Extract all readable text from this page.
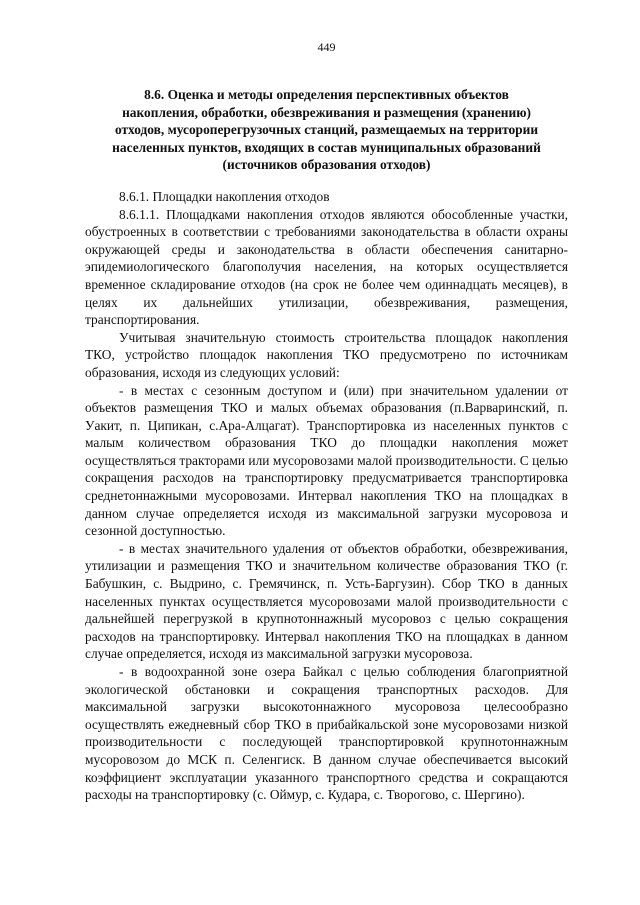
449
8.6. Оценка и методы определения перспективных объектов
накопления, обработки, обезвреживания и размещения (хранению)
отходов, мусороперегрузочных станций, размещаемых на территории
населенных пунктов, входящих в состав муниципальных образований
(источников образования отходов)
8.6.1. Площадки накопления отходов

8.6.1.1. Площадками накопления отходов являются обособленные участки, обустроенных в соответствии с требованиями законодательства в области охраны окружающей среды и законодательства в области обеспечения санитарно-эпидемиологического благополучия населения, на которых осуществляется временное складирование отходов (на срок не более чем одиннадцать месяцев), в целях их дальнейших утилизации, обезвреживания, размещения, транспортирования.

Учитывая значительную стоимость строительства площадок накопления ТКО, устройство площадок накопления ТКО предусмотрено по источникам образования, исходя из следующих условий:

- в местах с сезонным доступом и (или) при значительном удалении от объектов размещения ТКО и малых объемах образования (п.Варваринский, п. Уакит, п. Ципикан, с.Ара-Алцагат). Транспортировка из населенных пунктов с малым количеством образования ТКО до площадки накопления может осуществляться тракторами или мусоровозами малой производительности. С целью сокращения расходов на транспортировку предусматривается транспортировка среднетоннажными мусоровозами. Интервал накопления ТКО на площадках в данном случае определяется исходя из максимальной загрузки мусоровоза и сезонной доступностью.

- в местах значительного удаления от объектов обработки, обезвреживания, утилизации и размещения ТКО и значительном количестве образования ТКО (г. Бабушкин, с. Выдрино, с. Гремячинск, п. Усть-Баргузин). Сбор ТКО в данных населенных пунктах осуществляется мусоровозами малой производительности с дальнейшей перегрузкой в крупнотоннажный мусоровоз с целью сокращения расходов на транспортировку. Интервал накопления ТКО на площадках в данном случае определяется, исходя из максимальной загрузки мусоровоза.

- в водоохранной зоне озера Байкал с целью соблюдения благоприятной экологической обстановки и сокращения транспортных расходов. Для максимальной загрузки высокотоннажного мусоровоза целесообразно осуществлять ежедневный сбор ТКО в прибайкальской зоне мусоровозами низкой производительности с последующей транспортировкой крупнотоннажным мусоровозом до МСК п. Селенгиск. В данном случае обеспечивается высокий коэффициент эксплуатации указанного транспортного средства и сокращаются расходы на транспортировку (с. Оймур, с. Кудара, с. Творогово, с. Шергино).
